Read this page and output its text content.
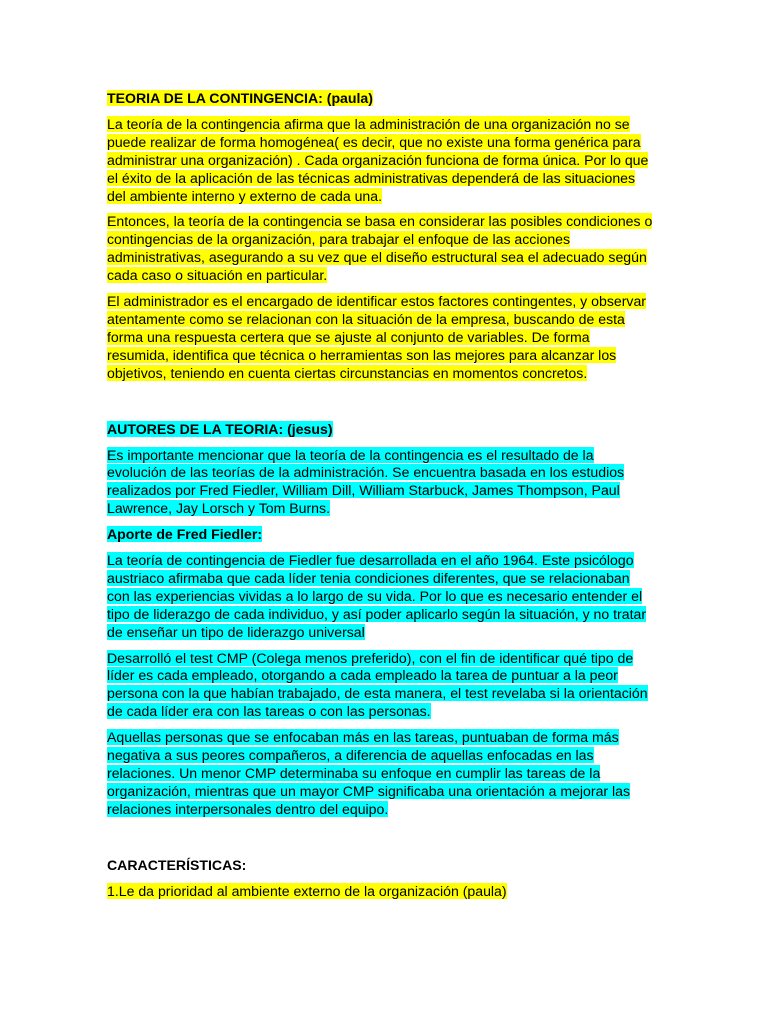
TEORIA DE LA CONTINGENCIA: (paula)

La teoría de la contingencia afirma que la administración de una organización no se puede realizar de forma homogénea( es decir, que no existe una forma genérica para administrar una organización) . Cada organización funciona de forma única. Por lo que el éxito de la aplicación de las técnicas administrativas dependerá de las situaciones del ambiente interno y externo de cada una.

Entonces, la teoría de la contingencia se basa en considerar las posibles condiciones o contingencias de la organización, para trabajar el enfoque de las acciones administrativas, asegurando a su vez que el diseño estructural sea el adecuado según cada caso o situación en particular.

El administrador es el encargado de identificar estos factores contingentes, y observar atentamente como se relacionan con la situación de la empresa, buscando de esta forma una respuesta certera que se ajuste al conjunto de variables. De forma resumida, identifica que técnica o herramientas son las mejores para alcanzar los objetivos, teniendo en cuenta ciertas circunstancias en momentos concretos.

AUTORES DE LA TEORIA: (jesus)

Es importante mencionar que la teoría de la contingencia es el resultado de la evolución de las teorías de la administración. Se encuentra basada en los estudios realizados por Fred Fiedler, William Dill, William Starbuck, James Thompson, Paul Lawrence, Jay Lorsch y Tom Burns.

Aporte de Fred Fiedler:

La teoría de contingencia de Fiedler fue desarrollada en el año 1964. Este psicólogo austriaco afirmaba que cada líder tenia condiciones diferentes, que se relacionaban con las experiencias vividas a lo largo de su vida. Por lo que es necesario entender el tipo de liderazgo de cada individuo, y así poder aplicarlo según la situación, y no tratar de enseñar un tipo de liderazgo universal

Desarrolló el test CMP (Colega menos preferido), con el fin de identificar qué tipo de líder es cada empleado, otorgando a cada empleado la tarea de puntuar a la peor persona con la que habían trabajado, de esta manera, el test revelaba si la orientación de cada líder era con las tareas o con las personas.

Aquellas personas que se enfocaban más en las tareas, puntuaban de forma más negativa a sus peores compañeros, a diferencia de aquellas enfocadas en las relaciones. Un menor CMP determinaba su enfoque en cumplir las tareas de la organización, mientras que un mayor CMP significaba una orientación a mejorar las relaciones interpersonales dentro del equipo.

CARACTERÍSTICAS:

1.Le da prioridad al ambiente externo de la organización (paula)
